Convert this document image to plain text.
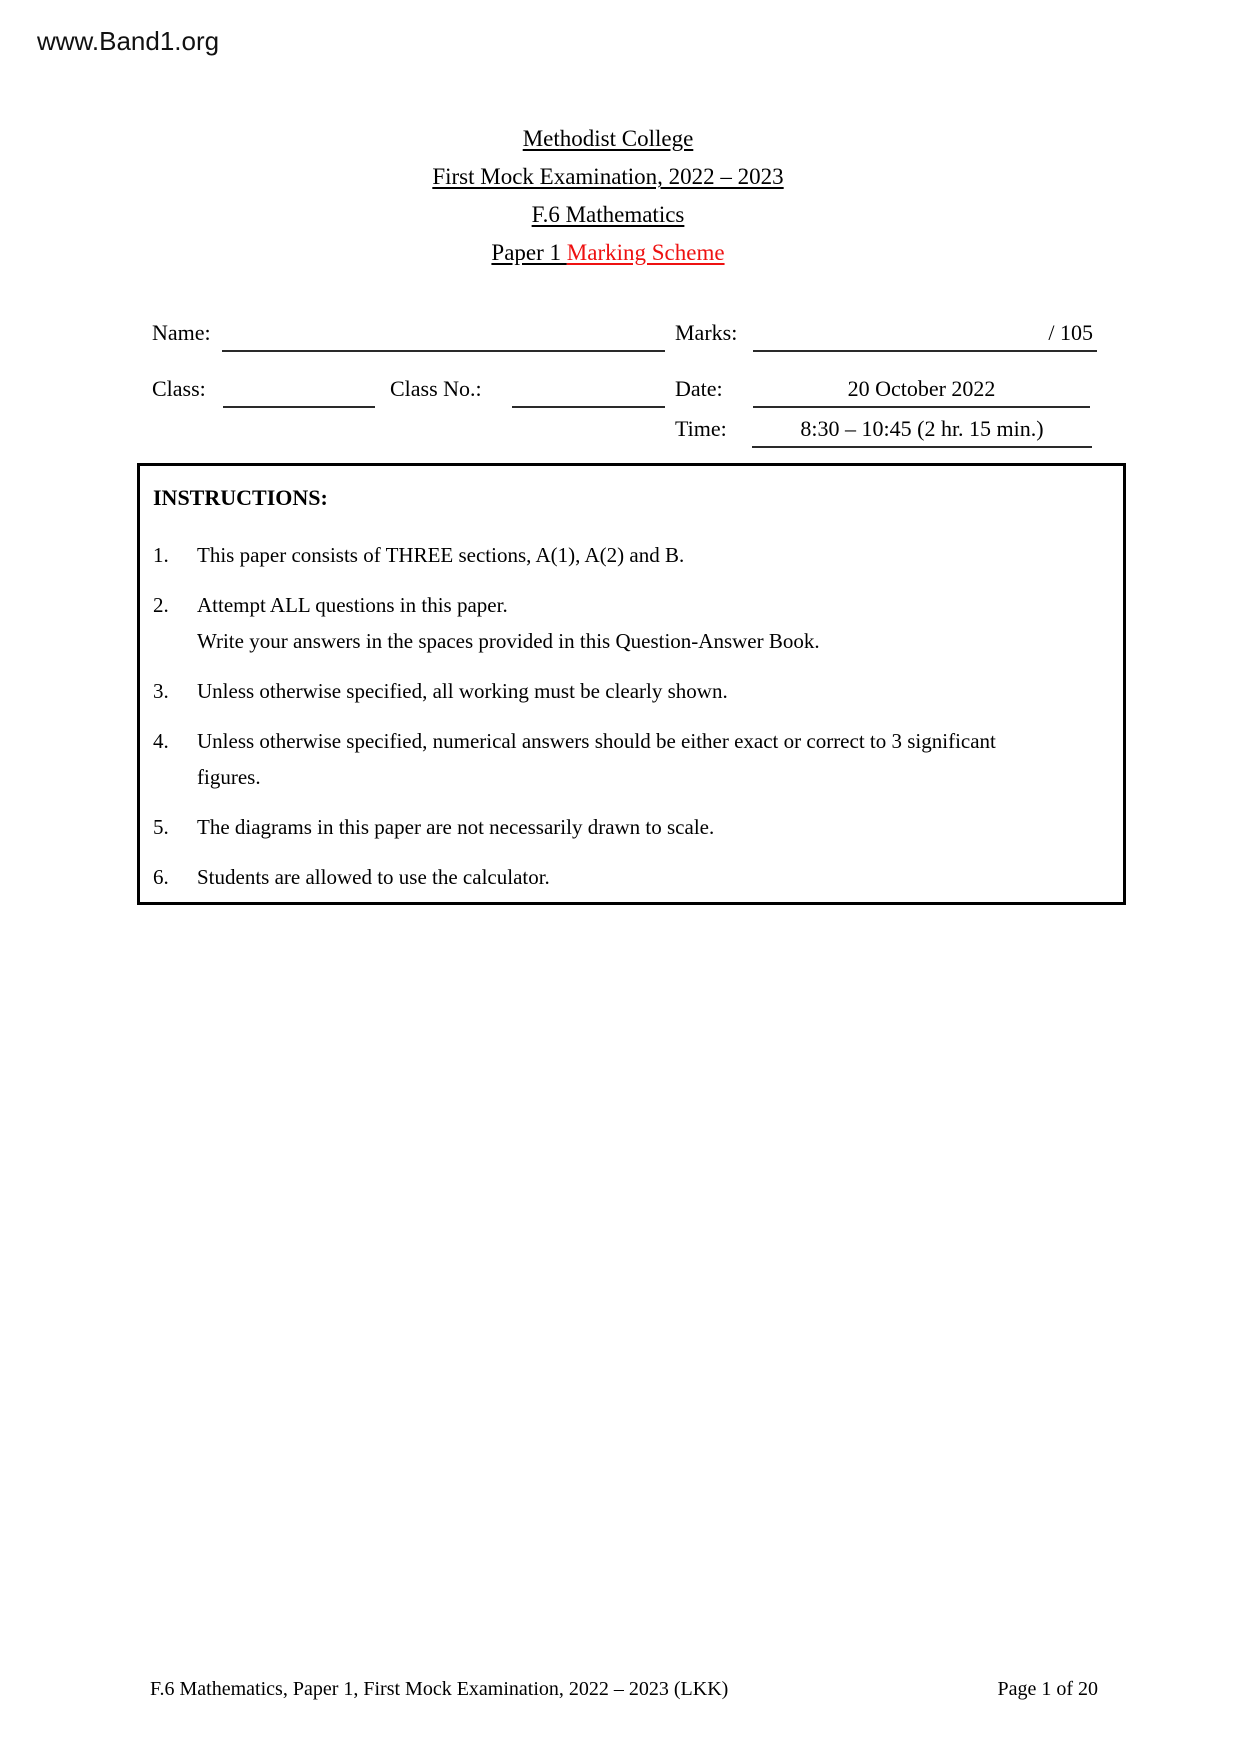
www.Band1.org
Methodist College
First Mock Examination, 2022 – 2023
F.6 Mathematics
Paper 1 Marking Scheme
Name:	Marks:	/ 105
Class:	Class No.:	Date:	20 October 2022
Time:	8:30 – 10:45 (2 hr. 15 min.)
INSTRUCTIONS:
1.	This paper consists of THREE sections, A(1), A(2) and B.
2.	Attempt ALL questions in this paper.
Write your answers in the spaces provided in this Question-Answer Book.
3.	Unless otherwise specified, all working must be clearly shown.
4.	Unless otherwise specified, numerical answers should be either exact or correct to 3 significant
figures.
5.	The diagrams in this paper are not necessarily drawn to scale.
6.	Students are allowed to use the calculator.
F.6 Mathematics, Paper 1, First Mock Examination, 2022 – 2023 (LKK)	Page 1 of 20
